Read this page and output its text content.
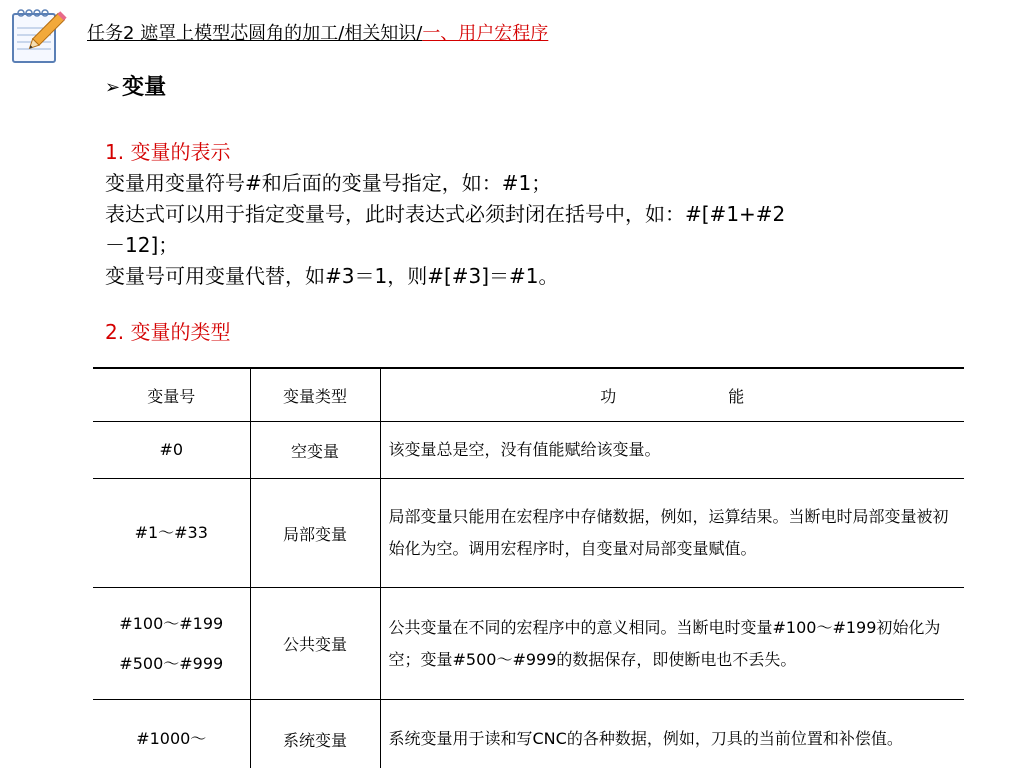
任务2 遮罩上模型芯圆角的加工/相关知识/一、用户宏程序
➢ 变量
1. 变量的表示
变量用变量符号#和后面的变量号指定，如：#1；
表达式可以用于指定变量号，此时表达式必须封闭在括号中，如：#[#1+#2
－12]；
变量号可用变量代替，如#3＝1，则#[#3]＝#1。
2. 变量的类型
变量号	变量类型	功　　　　　　　能
#0	空变量	该变量总是空，没有值能赋给该变量。
#1～#33	局部变量	局部变量只能用在宏程序中存储数据，例如，运算结果。当断电时局部变量被初始化为空。调用宏程序时，自变量对局部变量赋值。

#100～#199
#500～#999	公共变量	公共变量在不同的宏程序中的意义相同。当断电时变量#100～#199初始化为空；变量#500～#999的数据保存，即使断电也不丢失。
#1000～	系统变量	系统变量用于读和写CNC的各种数据，例如，刀具的当前位置和补偿值。
